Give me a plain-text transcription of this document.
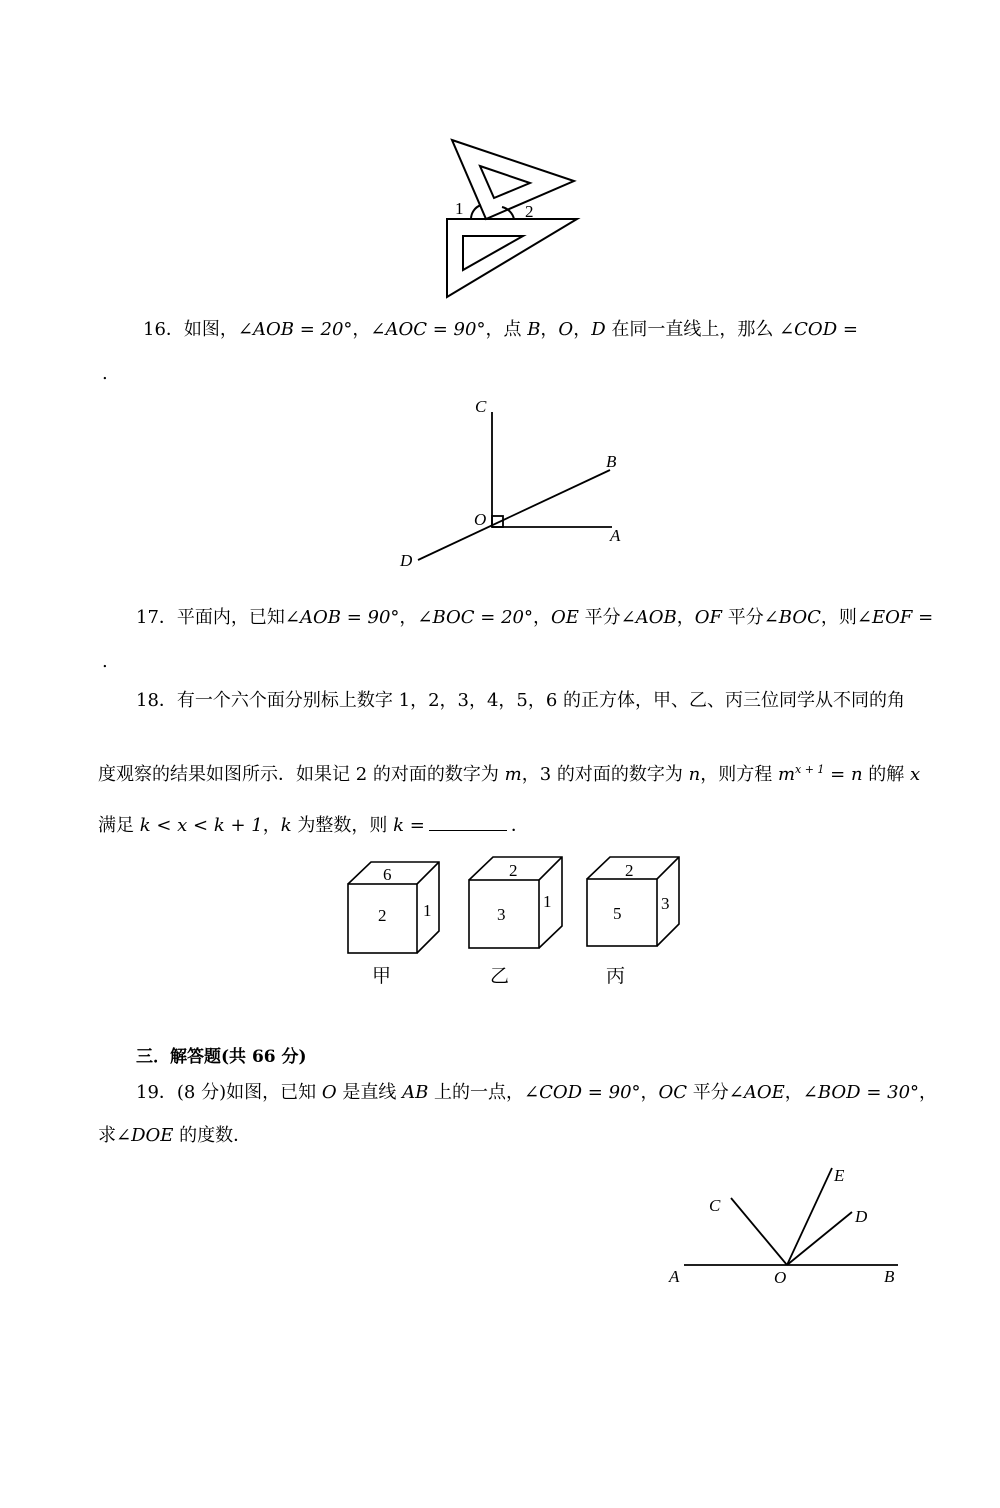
1	2
16．如图，∠AOB = 20°，∠AOC = 90°，点 B，O，D 在同一直线上，那么 ∠COD =
.
C
B
O
A
D
17．平面内，已知∠AOB = 90°，∠BOC = 20°，OE 平分∠AOB，OF 平分∠BOC，则∠EOF =
.
18．有一个六个面分别标上数字 1，2，3，4，5，6 的正方体，甲、乙、丙三位同学从不同的角
度观察的结果如图所示．如果记 2 的对面的数字为 m，3 的对面的数字为 n，则方程 $m^{x + 1} = n$ 的解 x
满足 k < x < k + 1，k 为整数，则 k =	．
6
2 1
2
3
1
2
5
3
甲	乙	丙
三．解答题(共 66 分)
19．(8 分)如图，已知 O 是直线 AB 上的一点，∠COD = 90°，OC 平分∠AOE，∠BOD = 30°，
求∠DOE 的度数．
A	O	B
C
D
E
